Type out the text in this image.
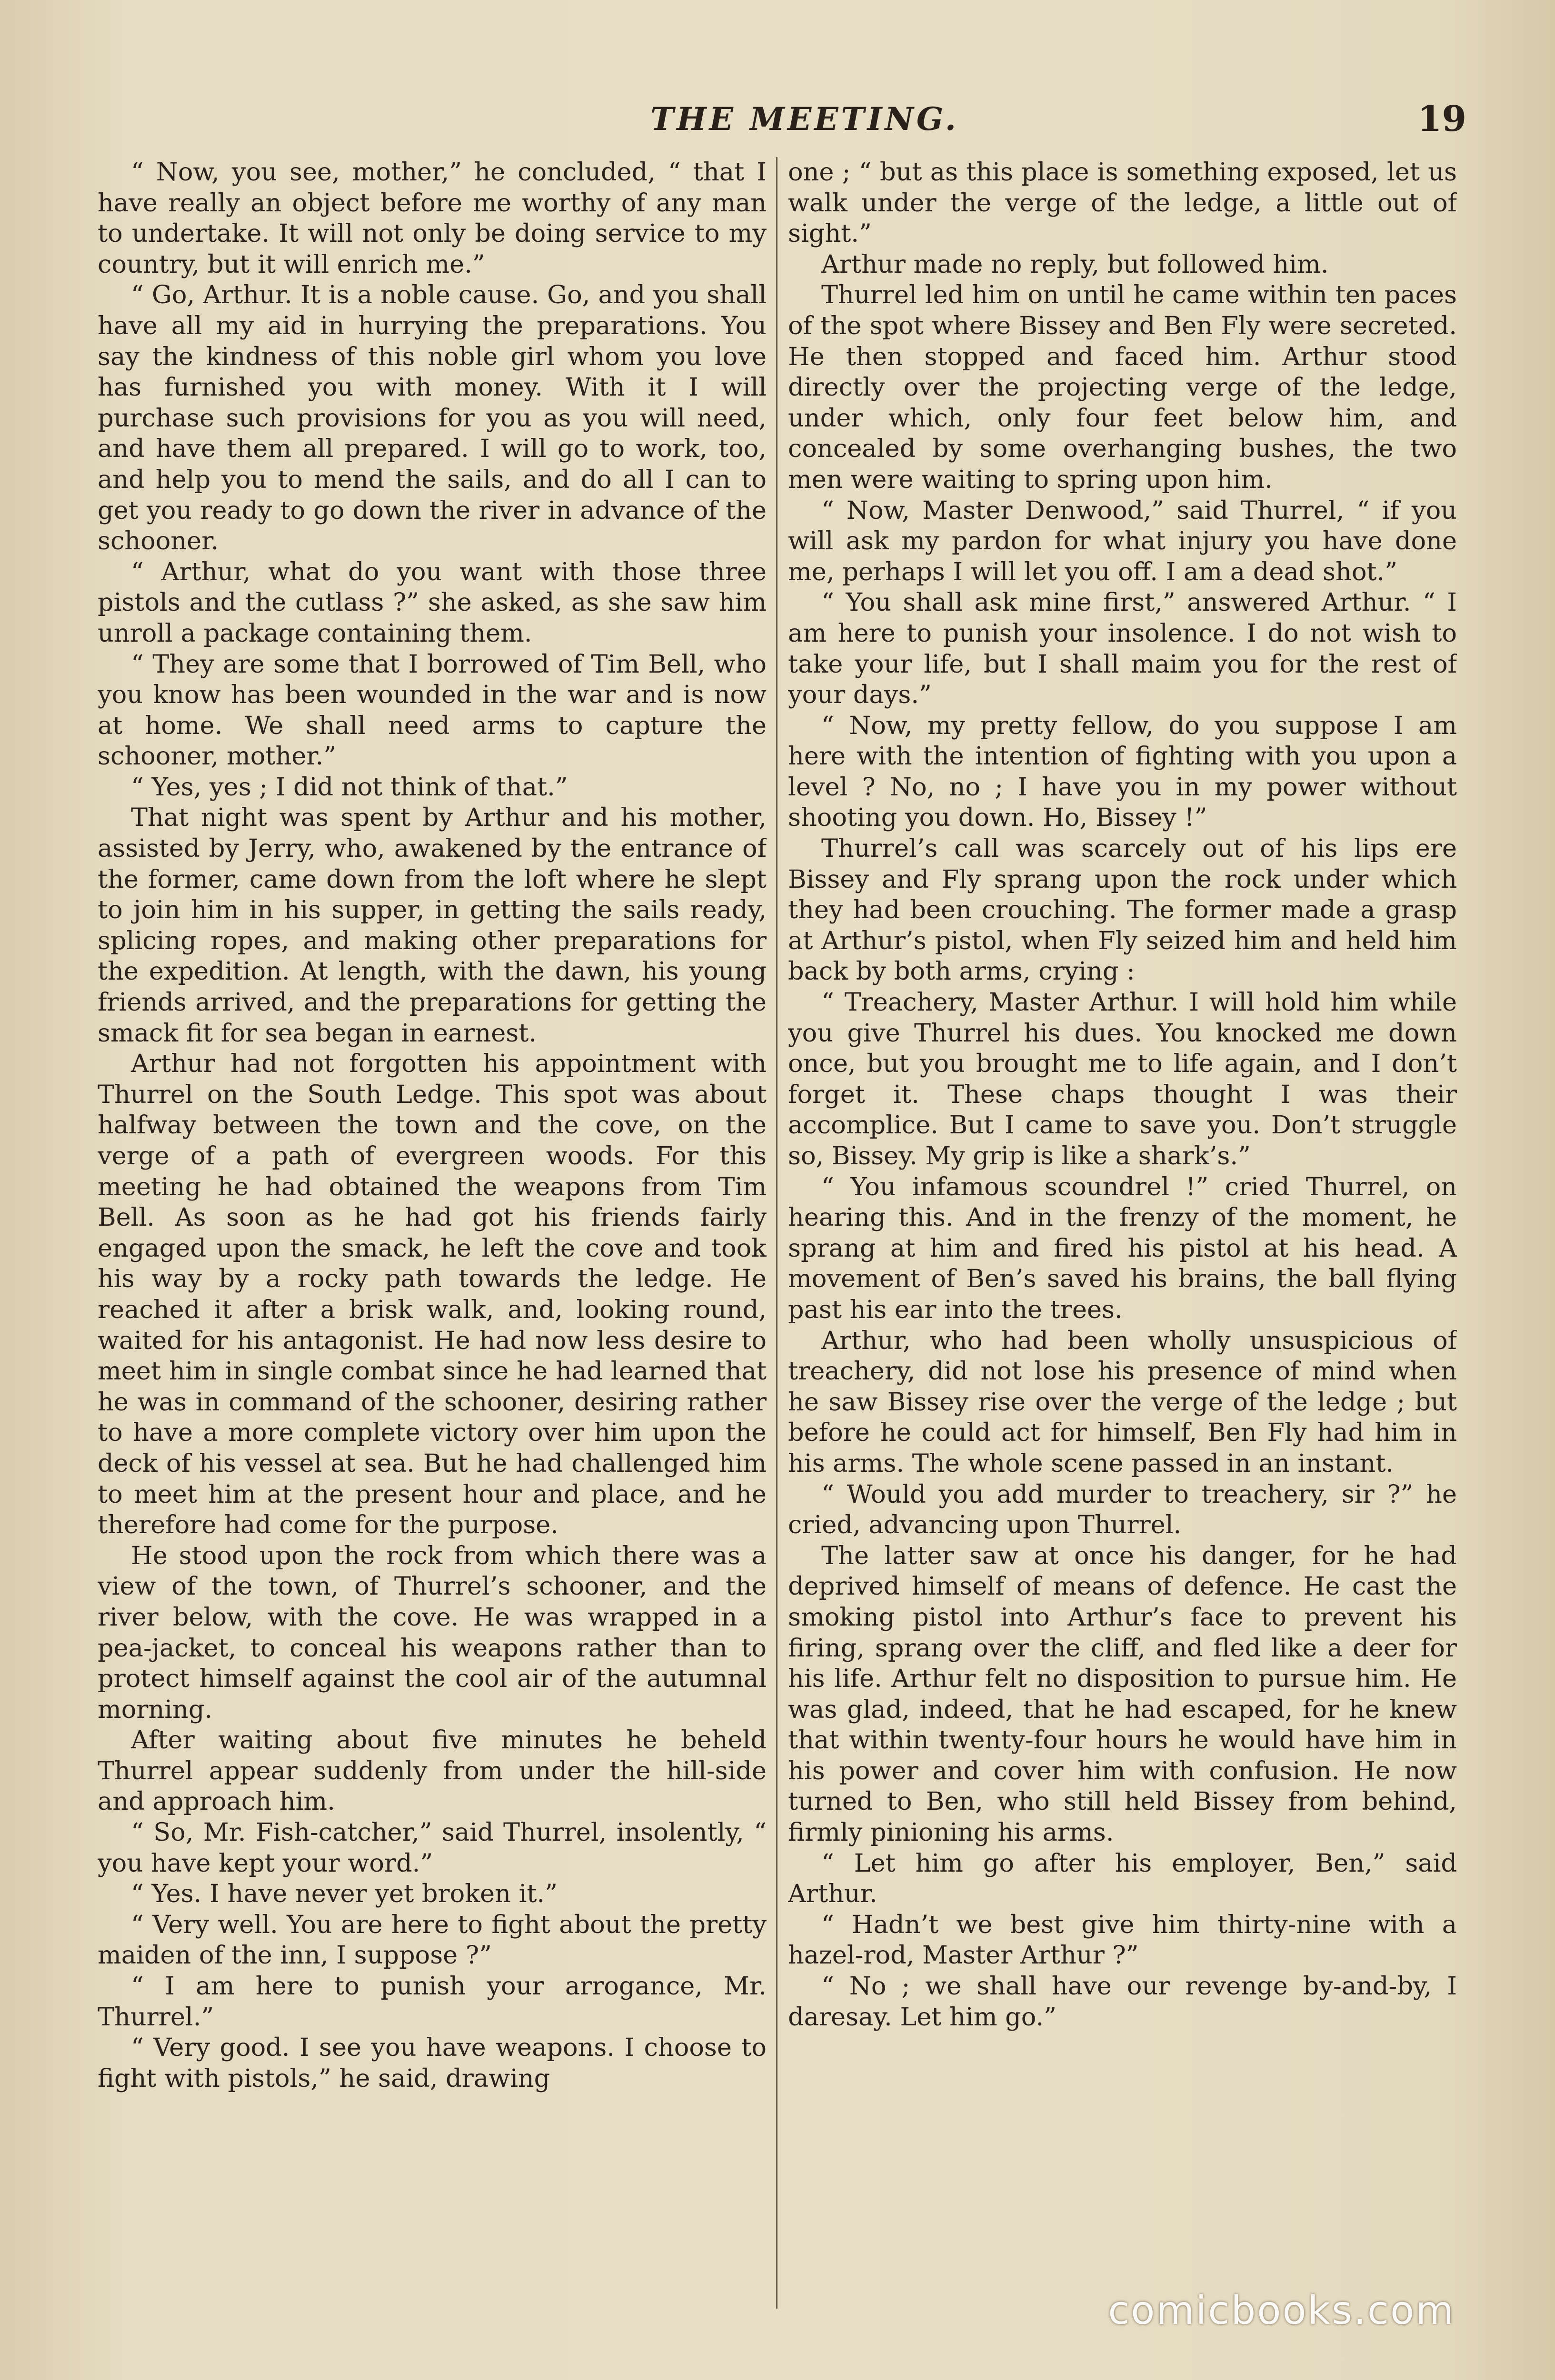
THE MEETING.	19

“ Now, you see, mother,” he concluded, “ that I have really an object before me worthy of any man to undertake. It will not only be doing service to my country, but it will enrich me.”

“ Go, Arthur. It is a noble cause. Go, and you shall have all my aid in hurrying the preparations. You say the kindness of this noble girl whom you love has furnished you with money. With it I will purchase such provisions for you as you will need, and have them all prepared. I will go to work, too, and help you to mend the sails, and do all I can to get you ready to go down the river in advance of the schooner.

“ Arthur, what do you want with those three pistols and the cutlass ?” she asked, as she saw him unroll a package containing them.

“ They are some that I borrowed of Tim Bell, who you know has been wounded in the war and is now at home. We shall need arms to capture the schooner, mother.”

“ Yes, yes ; I did not think of that.”

That night was spent by Arthur and his mother, assisted by Jerry, who, awakened by the entrance of the former, came down from the loft where he slept to join him in his supper, in getting the sails ready, splicing ropes, and making other preparations for the expedition. At length, with the dawn, his young friends arrived, and the preparations for getting the smack fit for sea began in earnest.

Arthur had not forgotten his appointment with Thurrel on the South Ledge. This spot was about halfway between the town and the cove, on the verge of a path of evergreen woods. For this meeting he had obtained the weapons from Tim Bell. As soon as he had got his friends fairly engaged upon the smack, he left the cove and took his way by a rocky path towards the ledge. He reached it after a brisk walk, and, looking round, waited for his antagonist. He had now less desire to meet him in single combat since he had learned that he was in command of the schooner, desiring rather to have a more complete victory over him upon the deck of his vessel at sea. But he had challenged him to meet him at the present hour and place, and he therefore had come for the purpose.

He stood upon the rock from which there was a view of the town, of Thurrel’s schooner, and the river below, with the cove. He was wrapped in a pea-jacket, to conceal his weapons rather than to protect himself against the cool air of the autumnal morning.

After waiting about five minutes he beheld Thurrel appear suddenly from under the hill-side and approach him.

“ So, Mr. Fish-catcher,” said Thurrel, insolently, “ you have kept your word.”

“ Yes. I have never yet broken it.”

“ Very well. You are here to fight about the pretty maiden of the inn, I suppose ?”

“ I am here to punish your arrogance, Mr. Thurrel.”

“ Very good. I see you have weapons. I choose to fight with pistols,” he said, drawing

one ; “ but as this place is something exposed, let us walk under the verge of the ledge, a little out of sight.”

Arthur made no reply, but followed him.

Thurrel led him on until he came within ten paces of the spot where Bissey and Ben Fly were secreted. He then stopped and faced him. Arthur stood directly over the projecting verge of the ledge, under which, only four feet below him, and concealed by some overhanging bushes, the two men were waiting to spring upon him.

“ Now, Master Denwood,” said Thurrel, “ if you will ask my pardon for what injury you have done me, perhaps I will let you off. I am a dead shot.”

“ You shall ask mine first,” answered Arthur. “ I am here to punish your insolence. I do not wish to take your life, but I shall maim you for the rest of your days.”

“ Now, my pretty fellow, do you suppose I am here with the intention of fighting with you upon a level ? No, no ; I have you in my power without shooting you down. Ho, Bissey !”

Thurrel’s call was scarcely out of his lips ere Bissey and Fly sprang upon the rock under which they had been crouching. The former made a grasp at Arthur’s pistol, when Fly seized him and held him back by both arms, crying :

“ Treachery, Master Arthur. I will hold him while you give Thurrel his dues. You knocked me down once, but you brought me to life again, and I don’t forget it. These chaps thought I was their accomplice. But I came to save you. Don’t struggle so, Bissey. My grip is like a shark’s.”

“ You infamous scoundrel !” cried Thurrel, on hearing this. And in the frenzy of the moment, he sprang at him and fired his pistol at his head. A movement of Ben’s saved his brains, the ball flying past his ear into the trees.

Arthur, who had been wholly unsuspicious of treachery, did not lose his presence of mind when he saw Bissey rise over the verge of the ledge ; but before he could act for himself, Ben Fly had him in his arms. The whole scene passed in an instant.

“ Would you add murder to treachery, sir ?” he cried, advancing upon Thurrel.

The latter saw at once his danger, for he had deprived himself of means of defence. He cast the smoking pistol into Arthur’s face to prevent his firing, sprang over the cliff, and fled like a deer for his life. Arthur felt no disposition to pursue him. He was glad, indeed, that he had escaped, for he knew that within twenty-four hours he would have him in his power and cover him with confusion. He now turned to Ben, who still held Bissey from behind, firmly pinioning his arms.

“ Let him go after his employer, Ben,” said Arthur.

“ Hadn’t we best give him thirty-nine with a hazel-rod, Master Arthur ?”

“ No ; we shall have our revenge by-and-by, I daresay. Let him go.”

comicbooks.com
